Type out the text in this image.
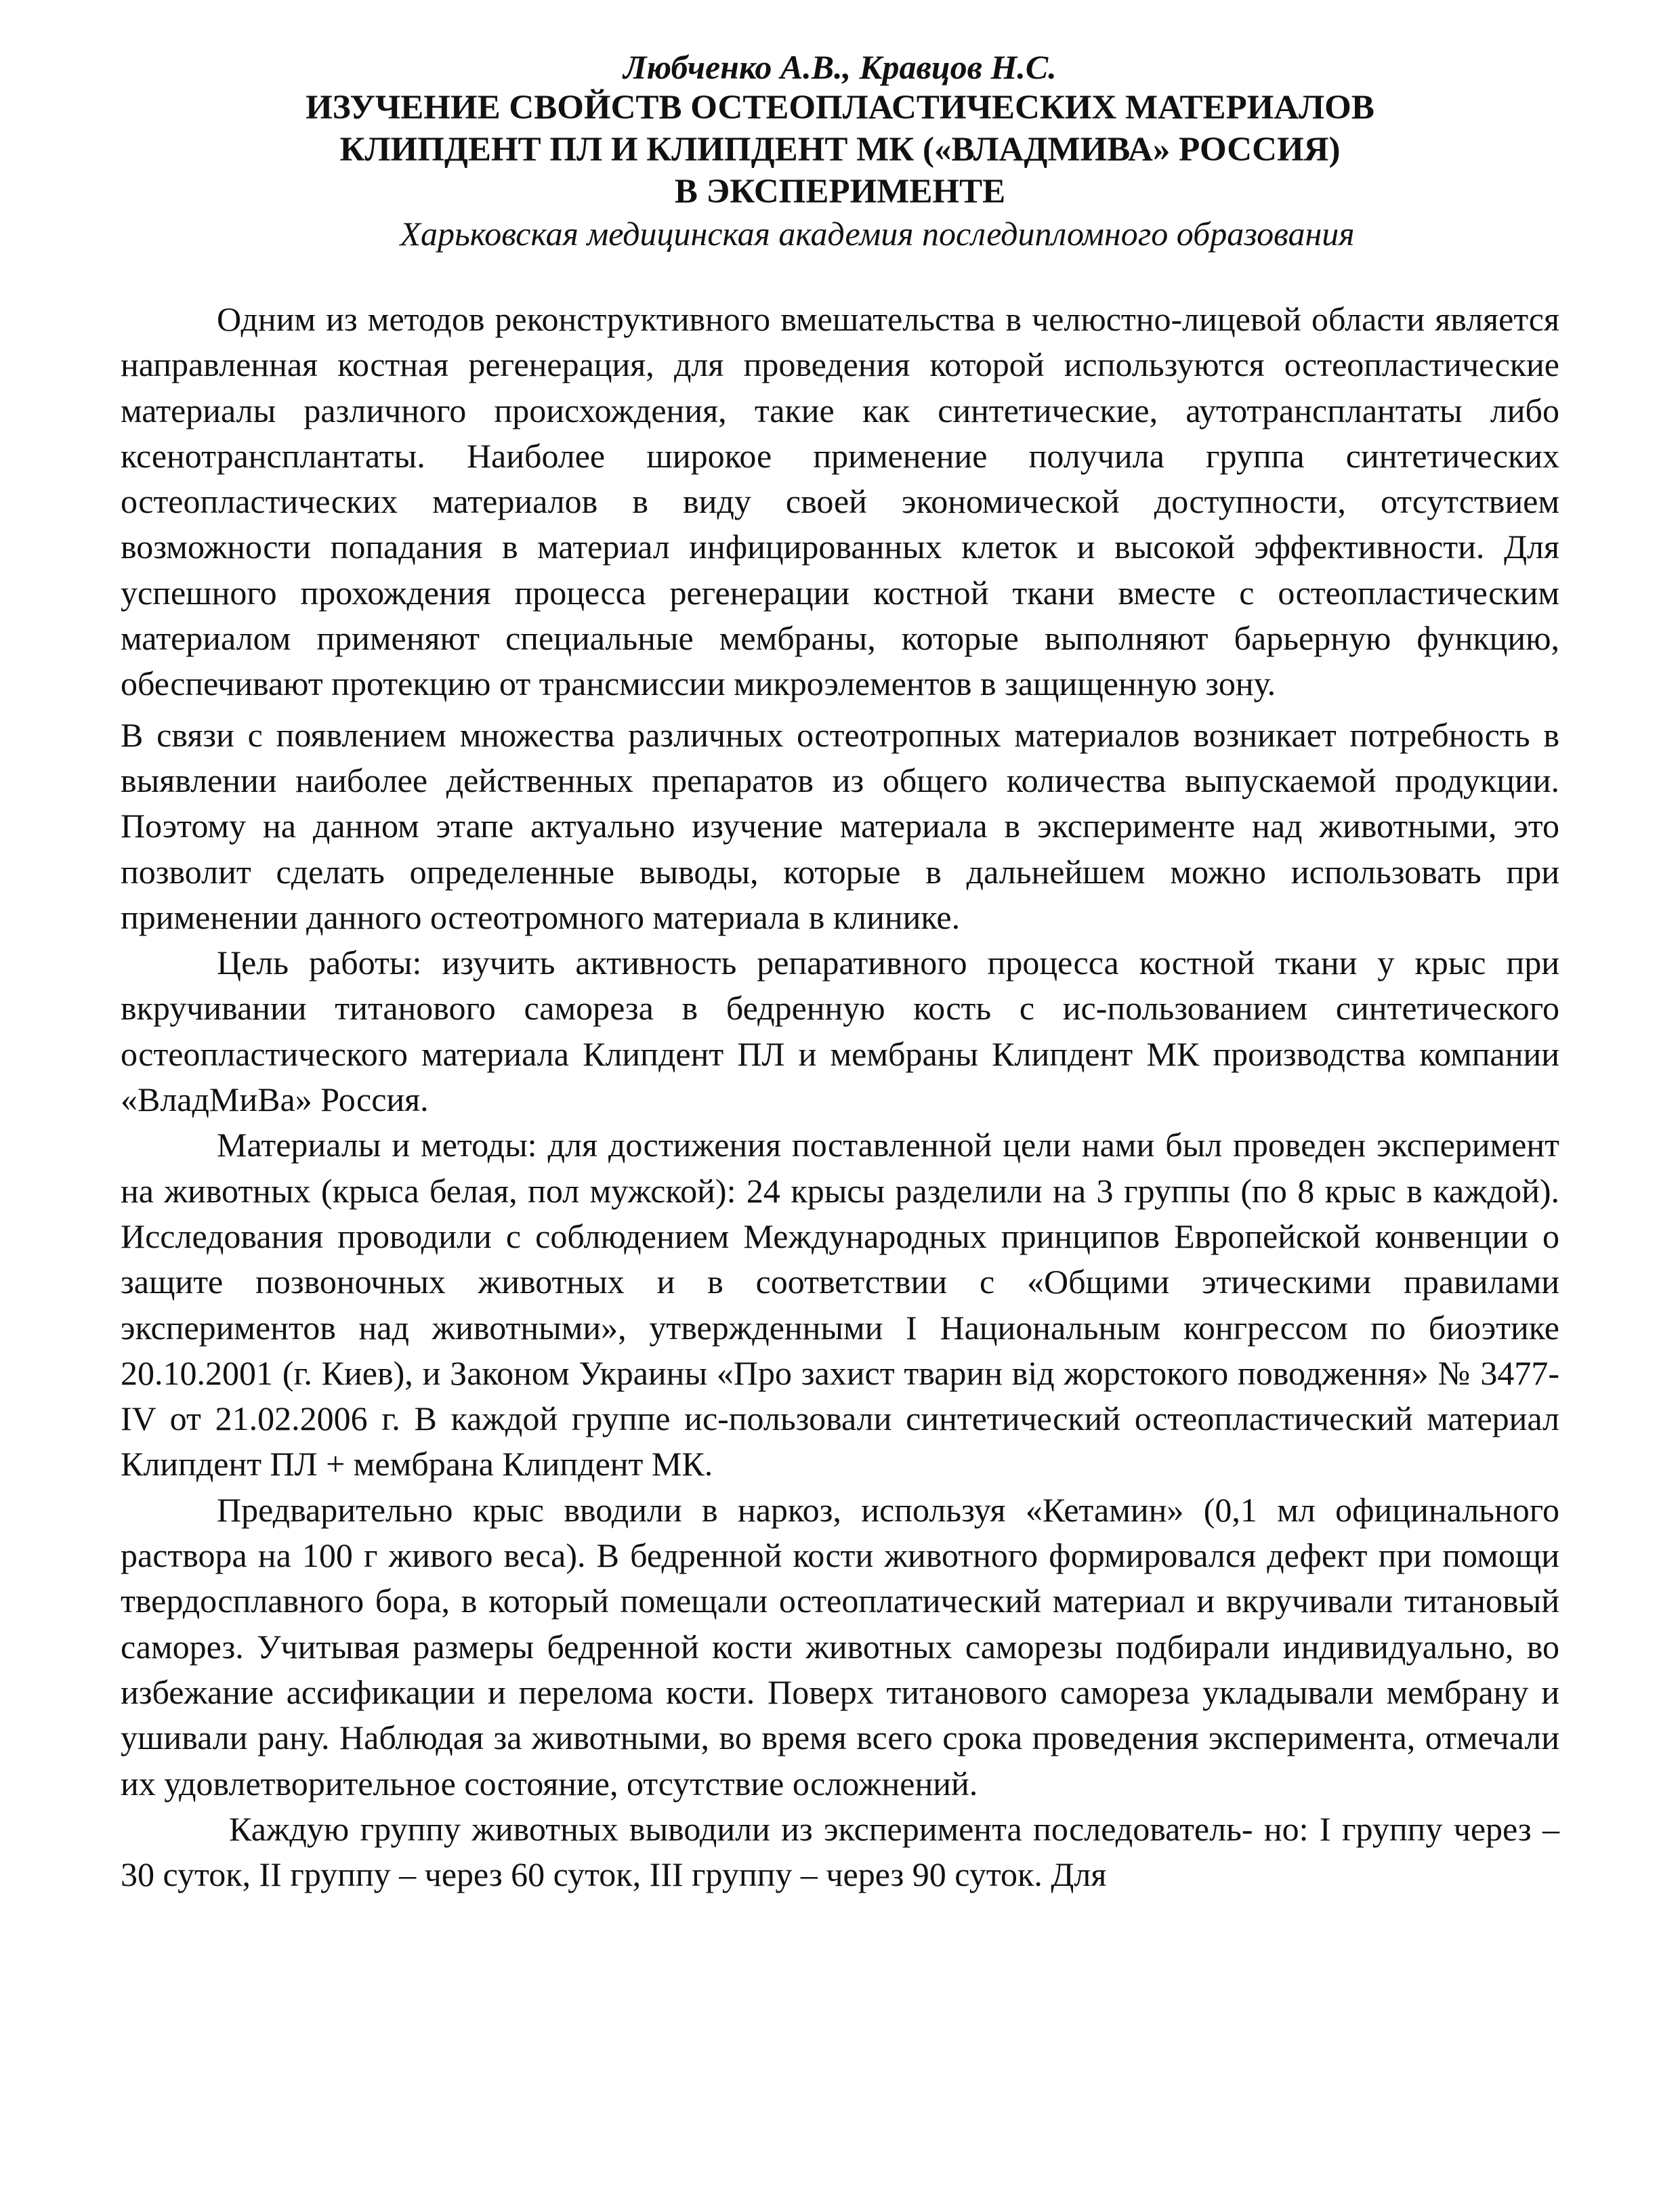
Любченко А.В., Кравцов Н.С.

ИЗУЧЕНИЕ СВОЙСТВ ОСТЕОПЛАСТИЧЕСКИХ МАТЕРИАЛОВ

КЛИПДЕНТ ПЛ И КЛИПДЕНТ МК («ВЛАДМИВА» РОССИЯ)

В ЭКСПЕРИМЕНТЕ

Харьковская медицинская академия последипломного образования

Одним из методов реконструктивного вмешательства в челюстно-лицевой области является направленная костная регенерация, для проведения которой используются остеопластические материалы различного происхождения, такие как синтетические, аутотрансплантаты либо ксенотрансплантаты. Наиболее широкое применение получила группа синтетических остеопластических материалов в виду своей экономической доступности, отсутствием возможности попадания в материал инфицированных клеток и высокой эффективности. Для успешного прохождения процесса регенерации костной ткани вместе с остеопластическим материалом применяют специальные мембраны, которые выполняют барьерную функцию, обеспечивают протекцию от трансмиссии микроэлементов в защищенную зону.

В связи с появлением множества различных остеотропных материалов возникает потребность в выявлении наиболее действенных препаратов из общего количества выпускаемой продукции. Поэтому на данном этапе актуально изучение материала в эксперименте над животными, это позволит сделать определенные выводы, которые в дальнейшем можно использовать при применении данного остеотромного материала в клинике.

Цель работы: изучить активность репаративного процесса костной ткани у крыс при вкручивании титанового самореза в бедренную кость с ис-пользованием синтетического остеопластического материала Клипдент ПЛ и мембраны Клипдент МК производства компании «ВладМиВа» Россия.

Материалы и методы: для достижения поставленной цели нами был проведен эксперимент на животных (крыса белая, пол мужской): 24 крысы разделили на 3 группы (по 8 крыс в каждой). Исследования проводили с соблюдением Международных принципов Европейской конвенции о защите позвоночных животных и в соответствии с «Общими этическими правилами экспериментов над животными», утвержденными I Национальным конгрессом по биоэтике 20.10.2001 (г. Киев), и Законом Украины «Про захист тварин від жорстокого поводження» № 3477-IV от 21.02.2006 г. В каждой группе ис-пользовали синтетический остеопластический материал Клипдент ПЛ + мембрана Клипдент МК.

Предварительно крыс вводили в наркоз, используя «Кетамин» (0,1 мл официнального раствора на 100 г живого веса). В бедренной кости животного формировался дефект при помощи твердосплавного бора, в который помещали остеоплатический материал и вкручивали титановый саморез. Учитывая размеры бедренной кости животных саморезы подбирали индивидуально, во избежание ассификации и перелома кости. Поверх титанового самореза укладывали мембрану и ушивали рану. Наблюдая за животными, во время всего срока проведения эксперимента, отмечали их удовлетворительное состояние, отсутствие осложнений.

Каждую группу животных выводили из эксперимента последователь- но: I группу через – 30 суток, II группу – через 60 суток, III группу – через 90 суток. Для
